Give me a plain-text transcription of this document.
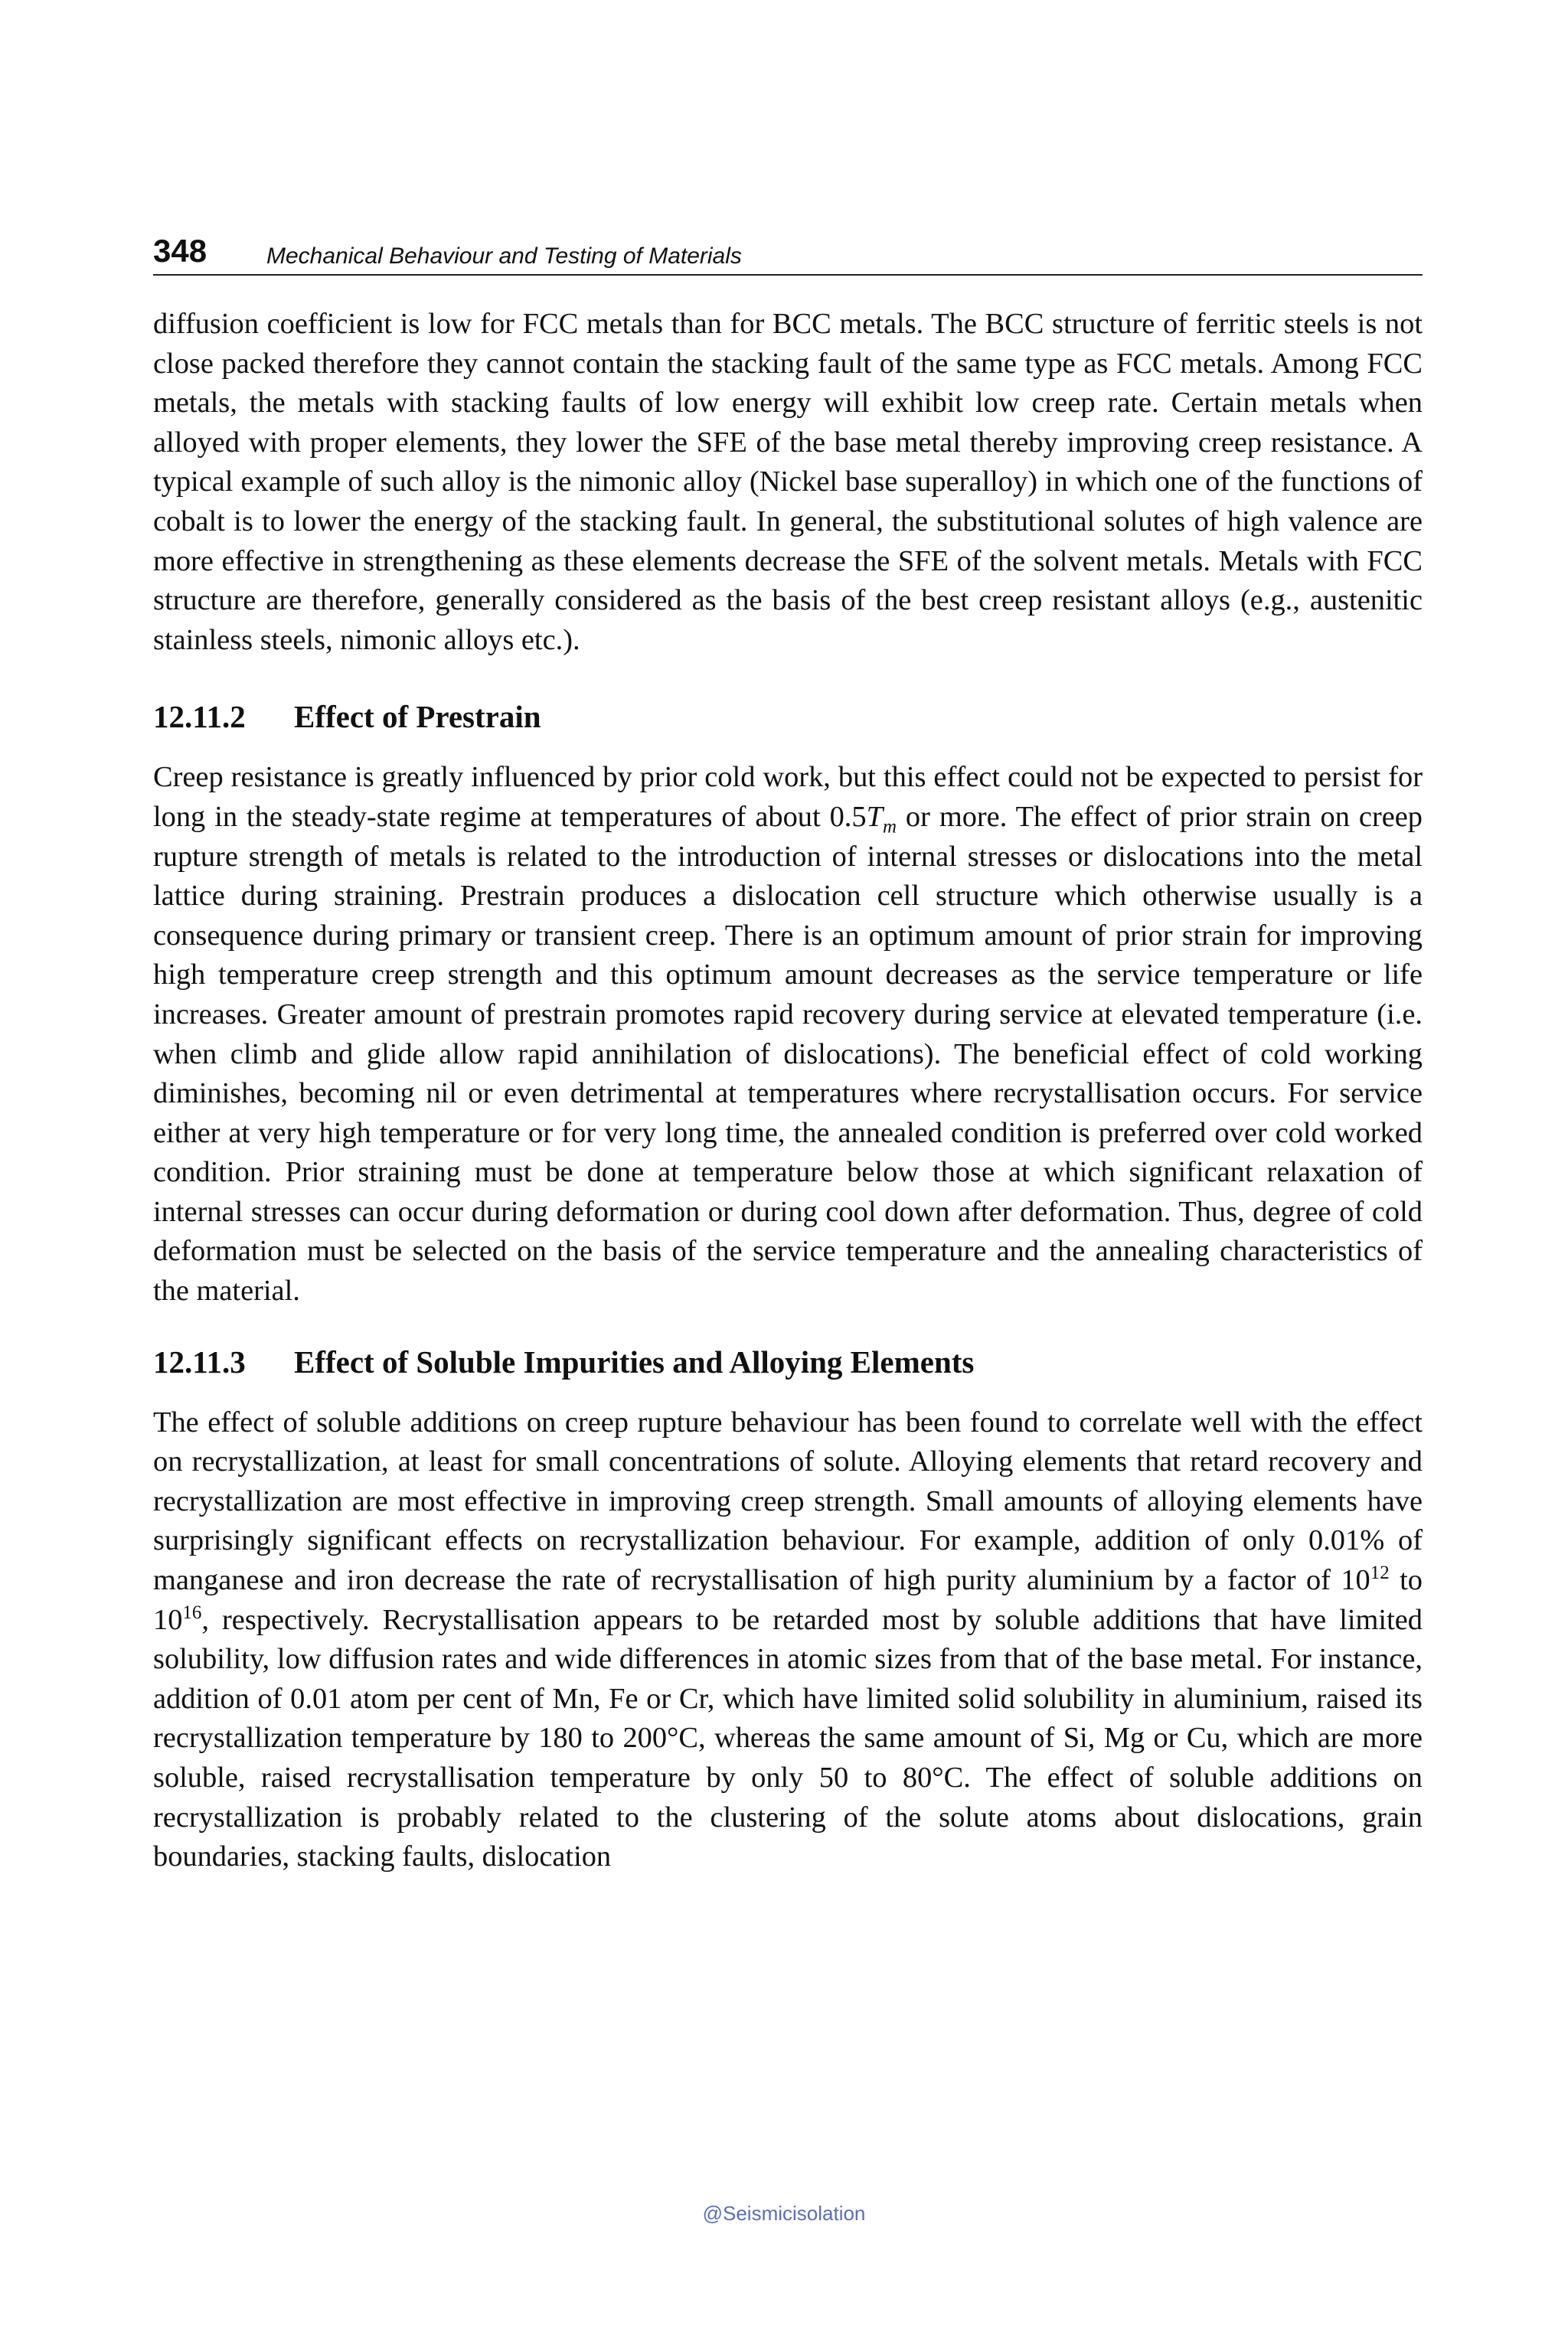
348	Mechanical Behaviour and Testing of Materials

diffusion coefficient is low for FCC metals than for BCC metals. The BCC structure of ferritic steels is not close packed therefore they cannot contain the stacking fault of the same type as FCC metals. Among FCC metals, the metals with stacking faults of low energy will exhibit low creep rate. Certain metals when alloyed with proper elements, they lower the SFE of the base metal thereby improving creep resistance. A typical example of such alloy is the nimonic alloy (Nickel base superalloy) in which one of the functions of cobalt is to lower the energy of the stacking fault. In general, the substitutional solutes of high valence are more effective in strengthening as these elements decrease the SFE of the solvent metals. Metals with FCC structure are therefore, generally considered as the basis of the best creep resistant alloys (e.g., austenitic stainless steels, nimonic alloys etc.).

12.11.2 Effect of Prestrain

Creep resistance is greatly influenced by prior cold work, but this effect could not be expected to persist for long in the steady-state regime at temperatures of about $0.5T_m$ or more. The effect of prior strain on creep rupture strength of metals is related to the introduction of internal stresses or dislocations into the metal lattice during straining. Prestrain produces a dislocation cell structure which otherwise usually is a consequence during primary or transient creep. There is an optimum amount of prior strain for improving high temperature creep strength and this optimum amount decreases as the service temperature or life increases. Greater amount of prestrain promotes rapid recovery during service at elevated temperature (i.e. when climb and glide allow rapid annihilation of dislocations). The beneficial effect of cold working diminishes, becoming nil or even detrimental at temperatures where recrystallisation occurs. For service either at very high temperature or for very long time, the annealed condition is preferred over cold worked condition. Prior straining must be done at temperature below those at which significant relaxation of internal stresses can occur during deformation or during cool down after deformation. Thus, degree of cold deformation must be selected on the basis of the service temperature and the annealing characteristics of the material.

12.11.3 Effect of Soluble Impurities and Alloying Elements

The effect of soluble additions on creep rupture behaviour has been found to correlate well with the effect on recrystallization, at least for small concentrations of solute. Alloying elements that retard recovery and recrystallization are most effective in improving creep strength. Small amounts of alloying elements have surprisingly significant effects on recrystallization behaviour. For example, addition of only 0.01% of manganese and iron decrease the rate of recrystallisation of high purity aluminium by a factor of $10^{12}$ to $10^{16}$, respectively. Recrystallisation appears to be retarded most by soluble additions that have limited solubility, low diffusion rates and wide differences in atomic sizes from that of the base metal. For instance, addition of 0.01 atom per cent of Mn, Fe or Cr, which have limited solid solubility in aluminium, raised its recrystallization temperature by 180 to 200°C, whereas the same amount of Si, Mg or Cu, which are more soluble, raised recrystallisation temperature by only 50 to 80°C. The effect of soluble additions on recrystallization is probably related to the clustering of the solute atoms about dislocations, grain boundaries, stacking faults, dislocation

@Seismicisolation
